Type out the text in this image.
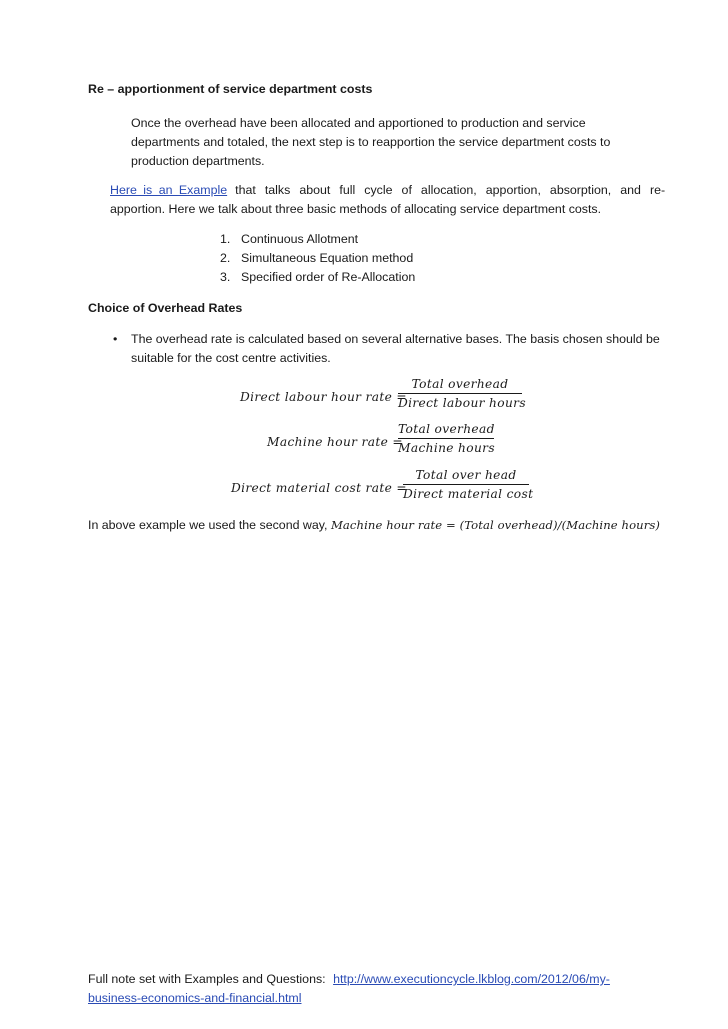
Re – apportionment of service department costs
Once the overhead have been allocated and apportioned to production and service
departments and totaled, the next step is to reapportion the service department costs to
production departments.
Here is an Example that talks about full cycle of allocation, apportion, absorption, and re-
apportion. Here we talk about three basic methods of allocating service department costs.
1. Continuous Allotment
2. Simultaneous Equation method
3. Specified order of Re-Allocation
Choice of Overhead Rates
• The overhead rate is calculated based on several alternative bases. The basis chosen should be
suitable for the cost centre activities.
Direct labour hour rate =
Total overhead
Direct labour hours
Machine hour rate =
Total overhead
Machine hours
Direct material cost rate =
Total over head
Direct material cost
In above example we used the second way, Machine hour rate = (Total overhead)/(Machine hours)
Full note set with Examples and Questions: http://www.executioncycle.lkblog.com/2012/06/my-
business-economics-and-financial.html
